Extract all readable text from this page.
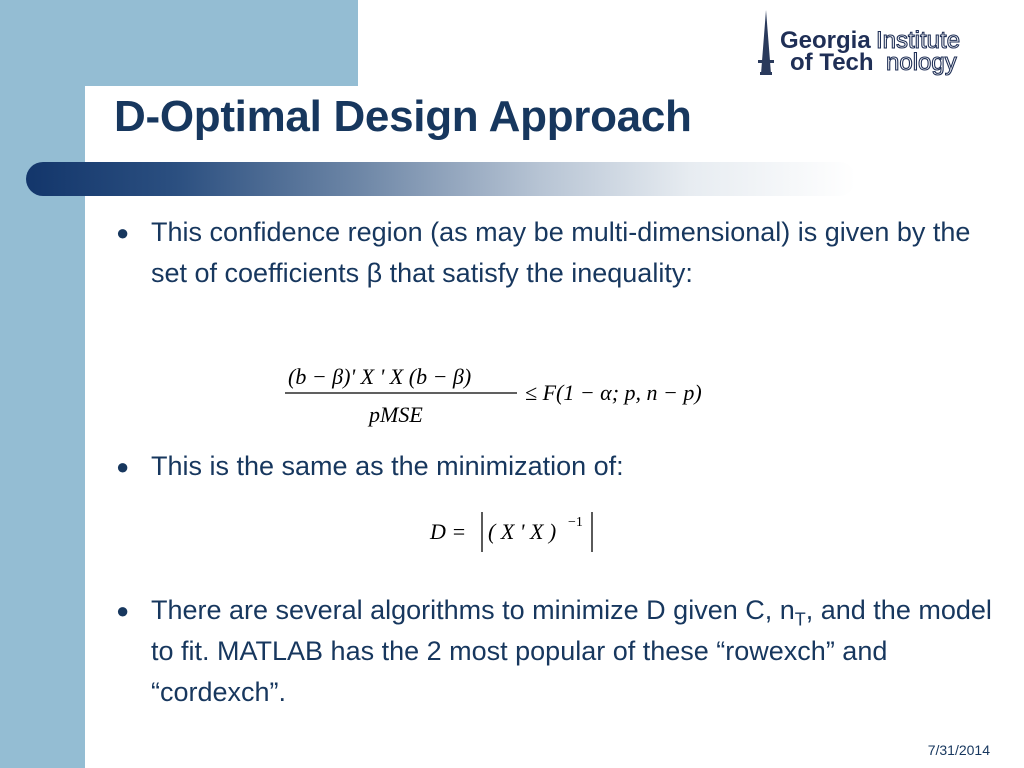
Georgia Institute
of Tech nology
D-Optimal Design Approach
● This confidence region (as may be multi-dimensional) is given by the set of coefficients β that satisfy the inequality:
● This is the same as the minimization of:
● There are several algorithms to minimize D given C, $n_T$, and the model to fit. MATLAB has the 2 most popular of these “rowexch” and “cordexch”.
(b − β)' X ' X (b − β)
pMSE
≤ F(1 − α; p, n − p)
D = ( X ' X ) −1
7/31/2014
